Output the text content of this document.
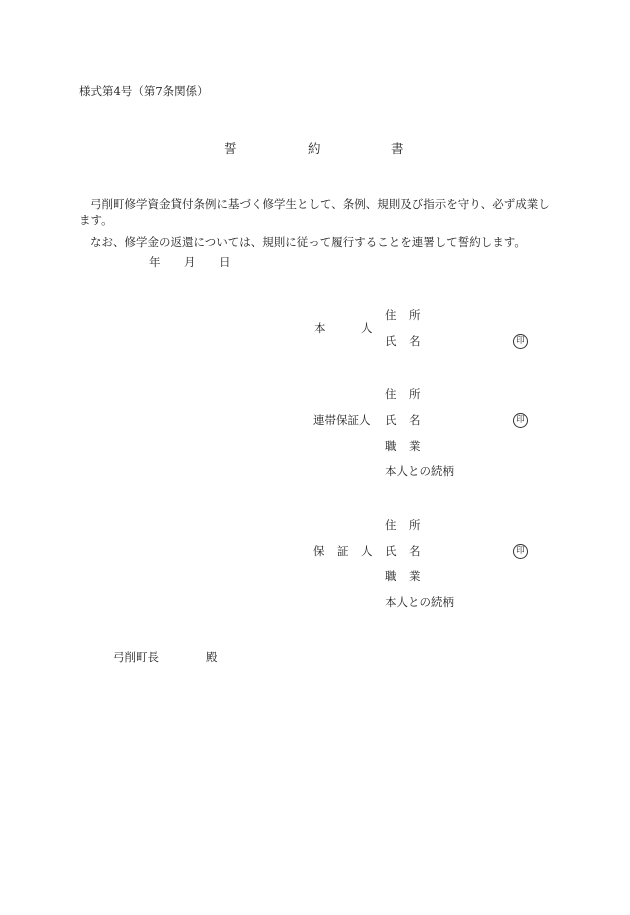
様式第4号（第7条関係）
誓	約	書
弓削町修学資金貸付条例に基づく修学生として、条例、規則及び指示を守り、必ず成業します。
なお、修学金の返還については、規則に従って履行することを連署して誓約します。
年 月 日
本	人
住 所
氏 名	印
連帯保証人
住 所
氏 名	印
職 業
本人との続柄
保 証 人
住 所
氏 名	印
職 業
本人との続柄
弓削町長	殿
